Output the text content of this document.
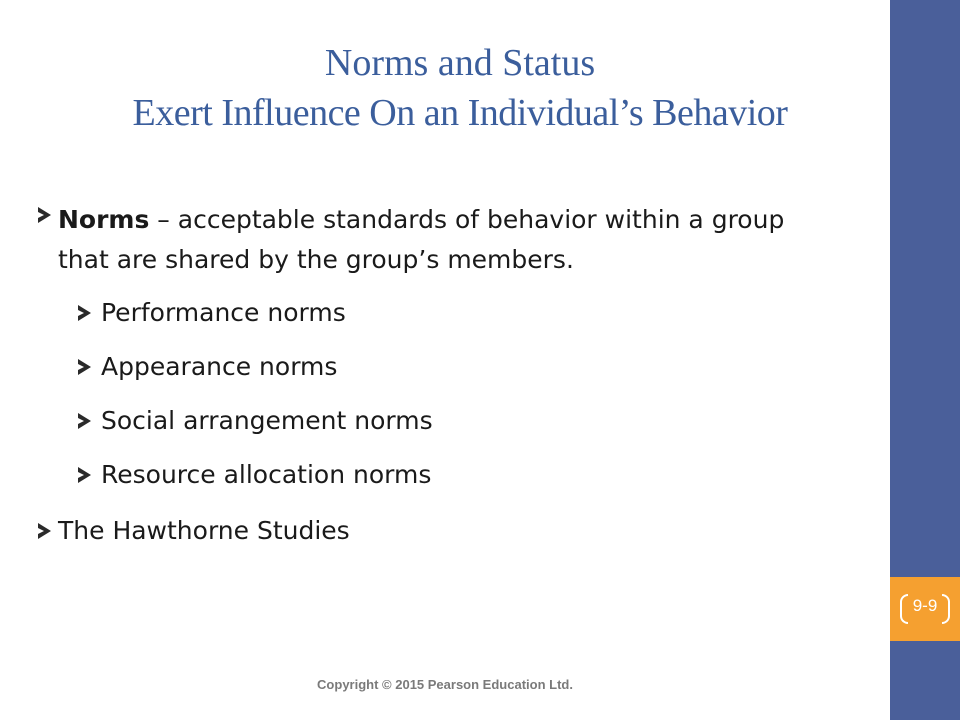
Norms and Status
Exert Influence On an Individual’s Behavior
Norms – acceptable standards of behavior within a group that are shared by the group’s members.
Performance norms
Appearance norms
Social arrangement norms
Resource allocation norms
The Hawthorne Studies
Copyright © 2015 Pearson Education Ltd.
9-9
